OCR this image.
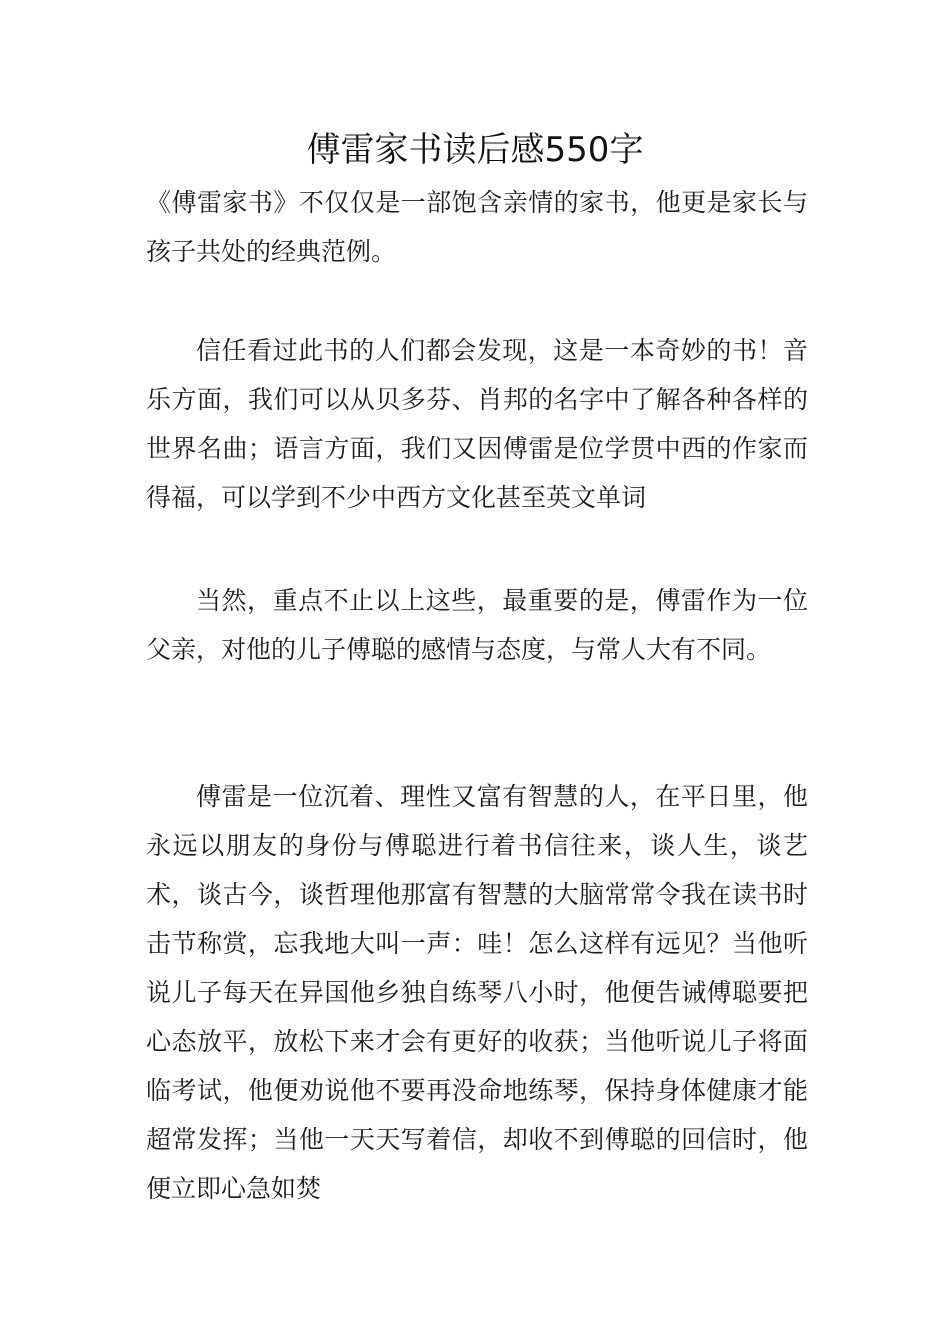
傅雷家书读后感550字

《傅雷家书》不仅仅是一部饱含亲情的家书，他更是家长与孩子共处的经典范例。

信任看过此书的人们都会发现，这是一本奇妙的书！音乐方面，我们可以从贝多芬、肖邦的名字中了解各种各样的世界名曲；语言方面，我们又因傅雷是位学贯中西的作家而得福，可以学到不少中西方文化甚至英文单词

当然，重点不止以上这些，最重要的是，傅雷作为一位父亲，对他的儿子傅聪的感情与态度，与常人大有不同。

傅雷是一位沉着、理性又富有智慧的人，在平日里，他永远以朋友的身份与傅聪进行着书信往来，谈人生，谈艺术，谈古今，谈哲理他那富有智慧的大脑常常令我在读书时击节称赏，忘我地大叫一声：哇！怎么这样有远见？当他听说儿子每天在异国他乡独自练琴八小时，他便告诫傅聪要把心态放平，放松下来才会有更好的收获；当他听说儿子将面临考试，他便劝说他不要再没命地练琴，保持身体健康才能超常发挥；当他一天天写着信，却收不到傅聪的回信时，他便立即心急如焚
